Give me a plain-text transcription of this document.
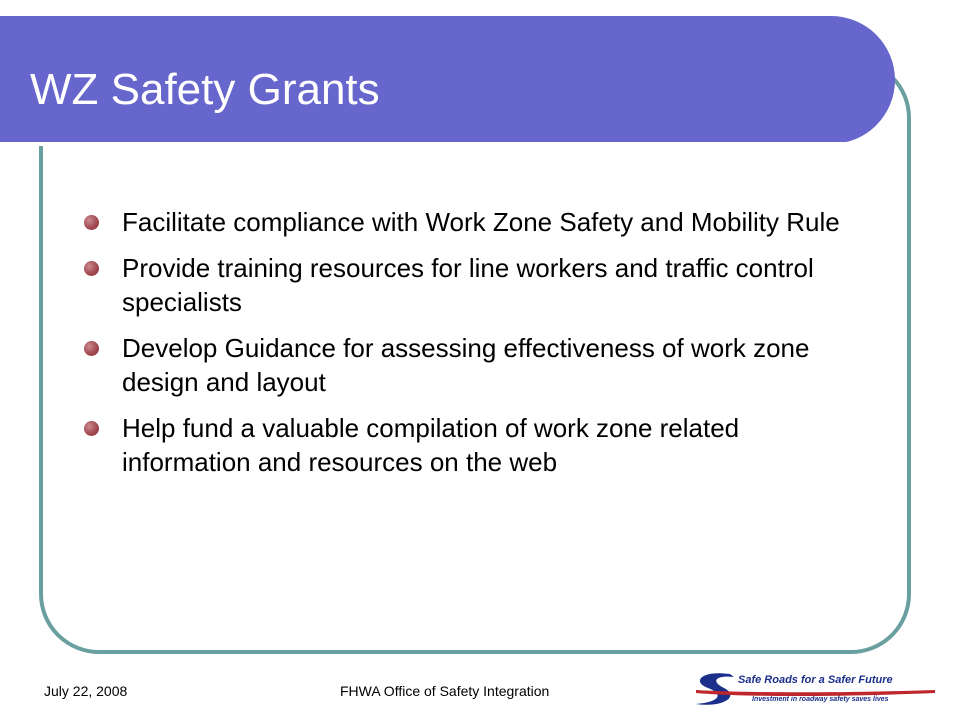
WZ Safety Grants
Facilitate compliance with Work Zone Safety and Mobility Rule
Provide training resources for line workers and traffic control specialists
Develop Guidance for assessing effectiveness of work zone design and layout
Help fund a valuable compilation of work zone related information and resources on the web
July 22, 2008	FHWA Office of Safety Integration
Safe Roads for a Safer Future
Investment in roadway safety saves lives
